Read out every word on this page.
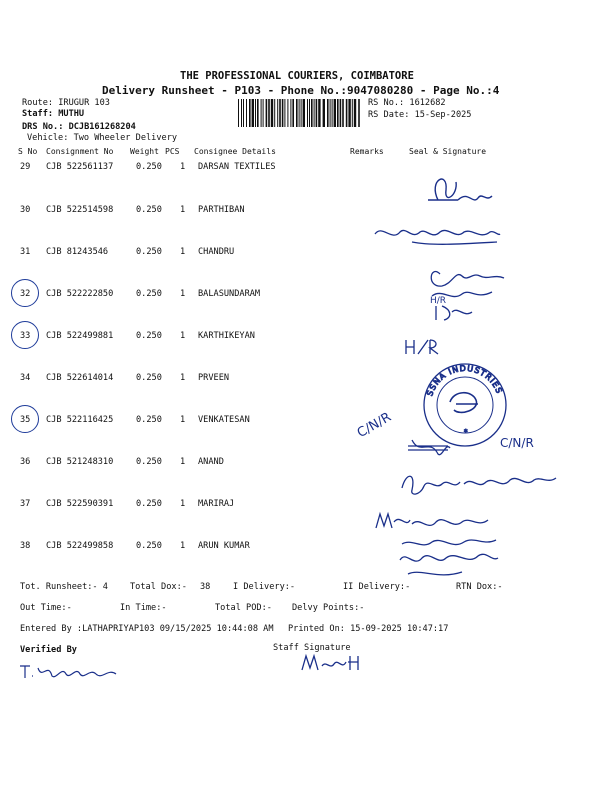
THE PROFESSIONAL COURIERS, COIMBATORE
Delivery Runsheet - P103 - Phone No.:9047080280 - Page No.:4
Route: IRUGUR 103
Staff: MUTHU
DRS No.: DCJB161268204
Vehicle: Two Wheeler Delivery
RS No.: 1612682
RS Date: 15-Sep-2025
S No Consignment No Weight PCS Consignee Details	Remarks	Seal & Signature
29 CJB 522561137	0.250 1 DARSAN TEXTILES
30 CJB 522514598	0.250 1 PARTHIBAN
31 CJB 81243546	0.250 1 CHANDRU
32 CJB 522222850	0.250 1 BALASUNDARAM
33 CJB 522499881	0.250 1 KARTHIKEYAN
34 CJB 522614014	0.250 1 PRVEEN
35 CJB 522116425	0.250 1 VENKATESAN
36 CJB 521248310	0.250 1 ANAND
37 CJB 522590391	0.250 1 MARIRAJ
38 CJB 522499858	0.250 1 ARUN KUMAR
SSNA INDUSTRIES
*
C/N/R
C/N/R
H/R
Tot. Runsheet:- 4	Total Dox:- 38	I Delivery:-	II Delivery:-	RTN Dox:-
Out Time:-	In Time:-	Total POD:- Delvy Points:-
Entered By :LATHAPRIYAP103 09/15/2025 10:44:08 AM Printed On: 15-09-2025 10:47:17
Verified By	Staff Signature
